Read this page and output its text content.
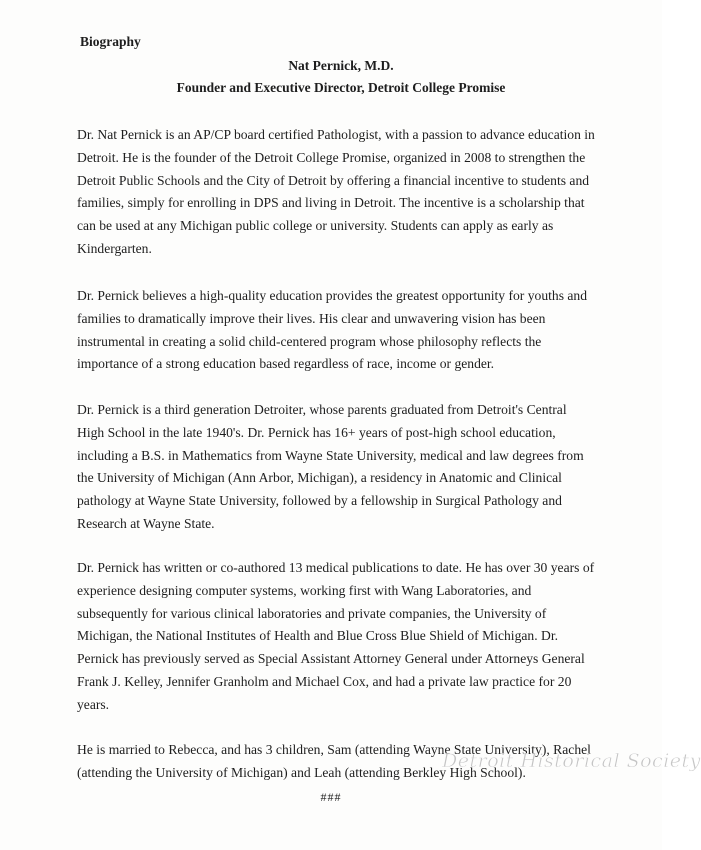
Biography
Nat Pernick, M.D.
Founder and Executive Director, Detroit College Promise

Dr. Nat Pernick is an AP/CP board certified Pathologist, with a passion to advance education in Detroit. He is the founder of the Detroit College Promise, organized in 2008 to strengthen the Detroit Public Schools and the City of Detroit by offering a financial incentive to students and families, simply for enrolling in DPS and living in Detroit. The incentive is a scholarship that can be used at any Michigan public college or university. Students can apply as early as Kindergarten.

Dr. Pernick believes a high-quality education provides the greatest opportunity for youths and families to dramatically improve their lives. His clear and unwavering vision has been instrumental in creating a solid child-centered program whose philosophy reflects the importance of a strong education based regardless of race, income or gender.

Dr. Pernick is a third generation Detroiter, whose parents graduated from Detroit's Central High School in the late 1940's. Dr. Pernick has 16+ years of post-high school education, including a B.S. in Mathematics from Wayne State University, medical and law degrees from the University of Michigan (Ann Arbor, Michigan), a residency in Anatomic and Clinical pathology at Wayne State University, followed by a fellowship in Surgical Pathology and Research at Wayne State.

Dr. Pernick has written or co-authored 13 medical publications to date. He has over 30 years of experience designing computer systems, working first with Wang Laboratories, and subsequently for various clinical laboratories and private companies, the University of Michigan, the National Institutes of Health and Blue Cross Blue Shield of Michigan. Dr. Pernick has previously served as Special Assistant Attorney General under Attorneys General Frank J. Kelley, Jennifer Granholm and Michael Cox, and had a private law practice for 20 years.

He is married to Rebecca, and has 3 children, Sam (attending Wayne State University), Rachel (attending the University of Michigan) and Leah (attending Berkley High School).

###
Detroit Historical Society
